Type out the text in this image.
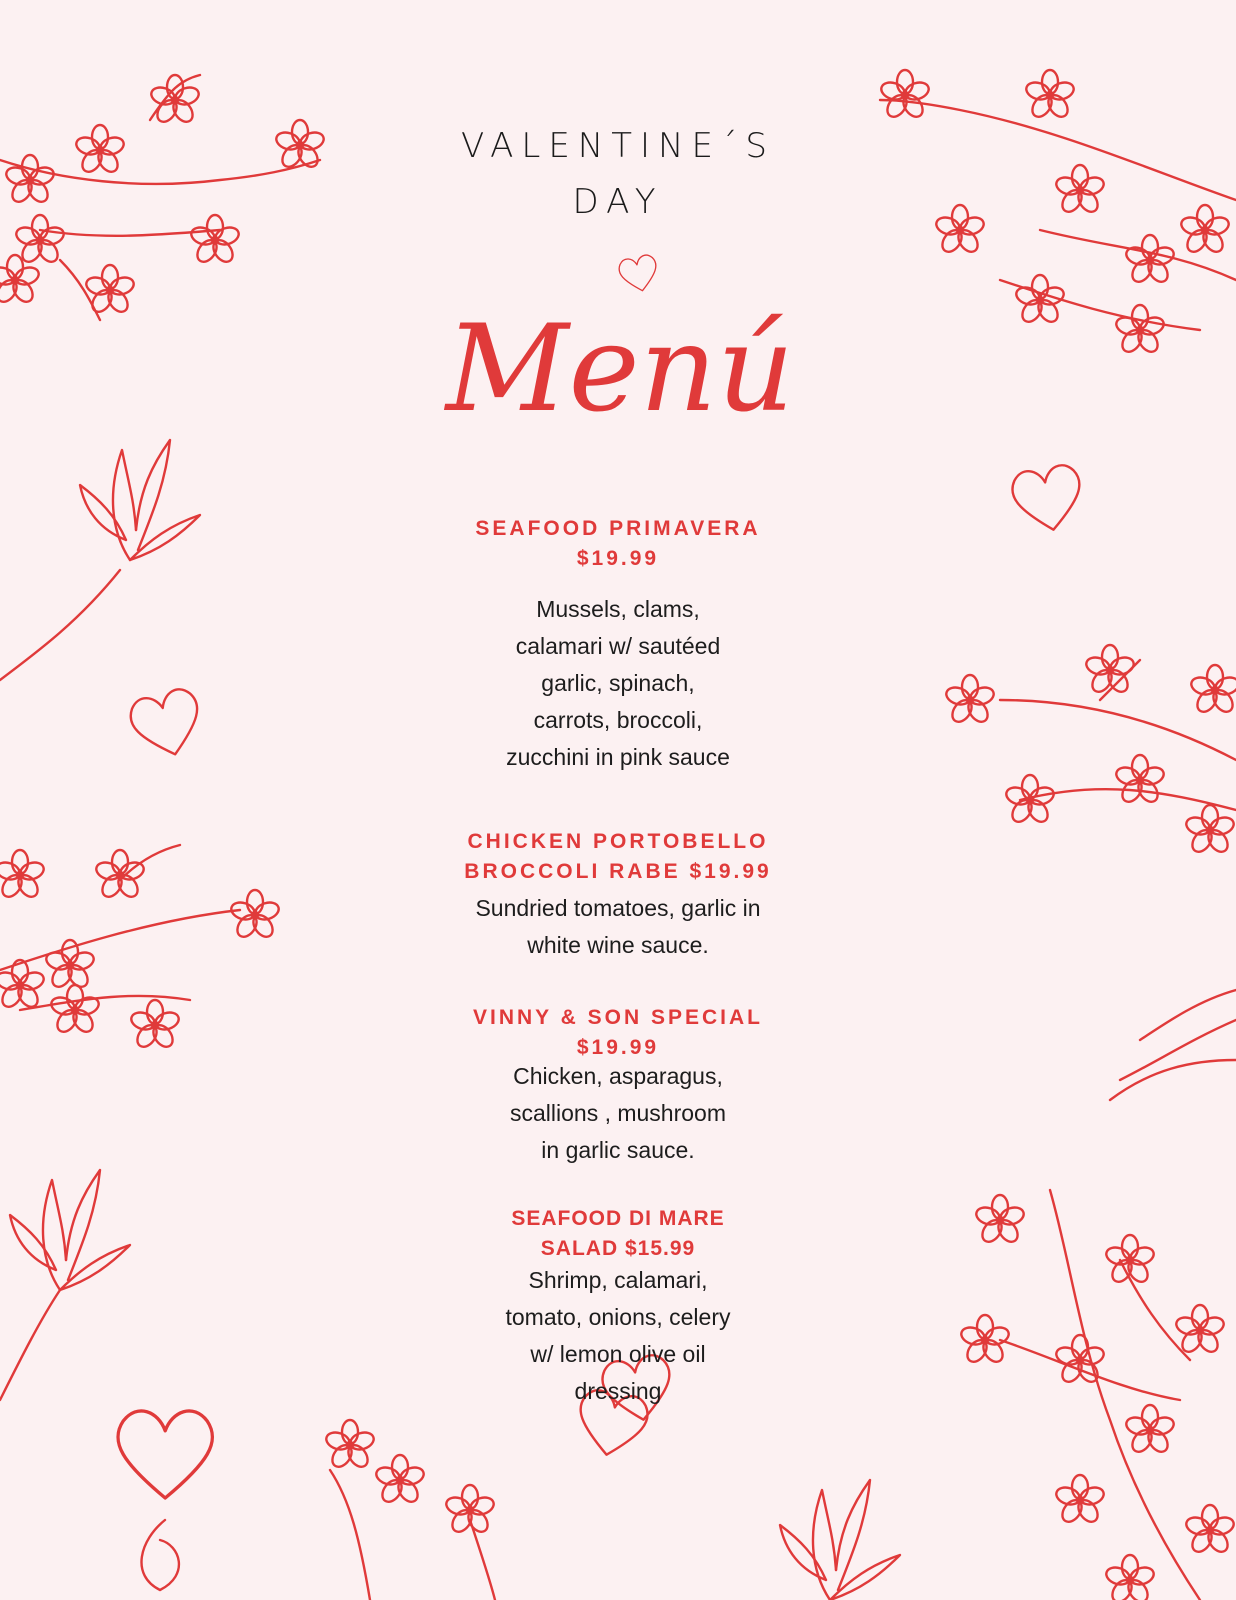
VALENTINE´S
DAY
Menú
SEAFOOD PRIMAVERA
$19.99
Mussels, clams,
calamari w/ sautéed
garlic, spinach,
carrots, broccoli,
zucchini in pink sauce
CHICKEN PORTOBELLO
BROCCOLI RABE $19.99
Sundried tomatoes, garlic in
white wine sauce.
VINNY & SON SPECIAL
$19.99
Chicken, asparagus,
scallions , mushroom
in garlic sauce.
SEAFOOD DI MARE
SALAD $15.99
Shrimp, calamari,
tomato, onions, celery
w/ lemon olive oil
dressing
